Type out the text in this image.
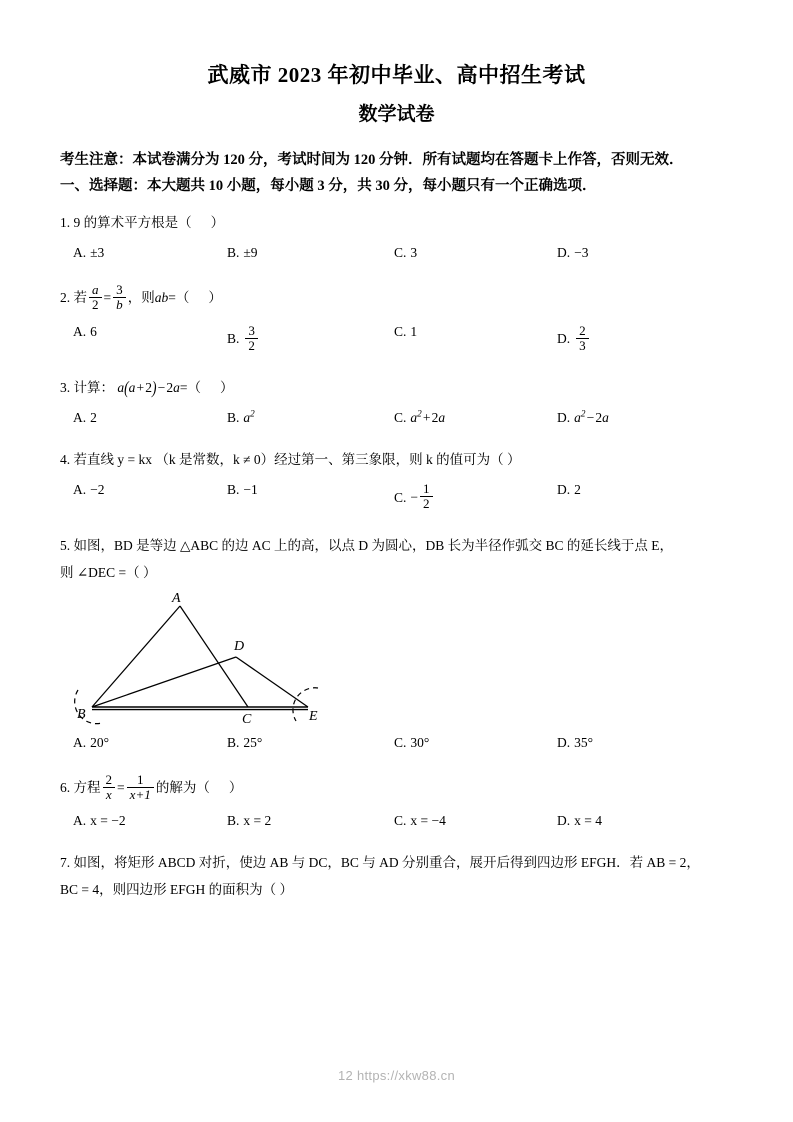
武威市 2023 年初中毕业、高中招生考试
数学试卷

考生注意：本试卷满分为 120 分，考试时间为 120 分钟．所有试题均在答题卡上作答，否则无效．

一、选择题：本大题共 10 小题，每小题 3 分，共 30 分，每小题只有一个正确选项．

1. 9 的算术平方根是（ ）
A. ±3	B. ±9	C. 3	D. −3
2. 若 $\frac{a}{2} = \frac{3}{b}$ ，则ab=（ ）
A. 6	B. $\frac{3}{2}$	C. 1	D. $\frac{2}{3}$
3. 计算： a(a + 2) − 2a=（ ）
A. 2	B. $a^2$	C. $a^2$ + 2a	D. $a^2$ − 2a
4. 若直线 y = kx （k 是常数，k ≠ 0）经过第一、第三象限，则 k 的值可为（ ）
A. −2	B. −1	C. − $\frac{1}{2}$	D. 2
5. 如图，BD 是等边 △ABC 的边 AC 上的高，以点 D 为圆心，DB 长为半径作弧交 BC 的延长线于点 E，
则 ∠DEC =（ ）
A
D
B	C	E
A. 20°	B. 25°	C. 30°	D. 35°
6. 方程 $\frac{2}{x} = \frac{1}{x+1}$ 的解为（ ）
A. x = −2	B. x = 2	C. x = −4	D. x = 4
7. 如图，将矩形 ABCD 对折，使边 AB 与 DC，BC 与 AD 分别重合，展开后得到四边形 EFGH．若 AB = 2，
BC = 4，则四边形 EFGH 的面积为（ ）
12 https://xkw88.cn
